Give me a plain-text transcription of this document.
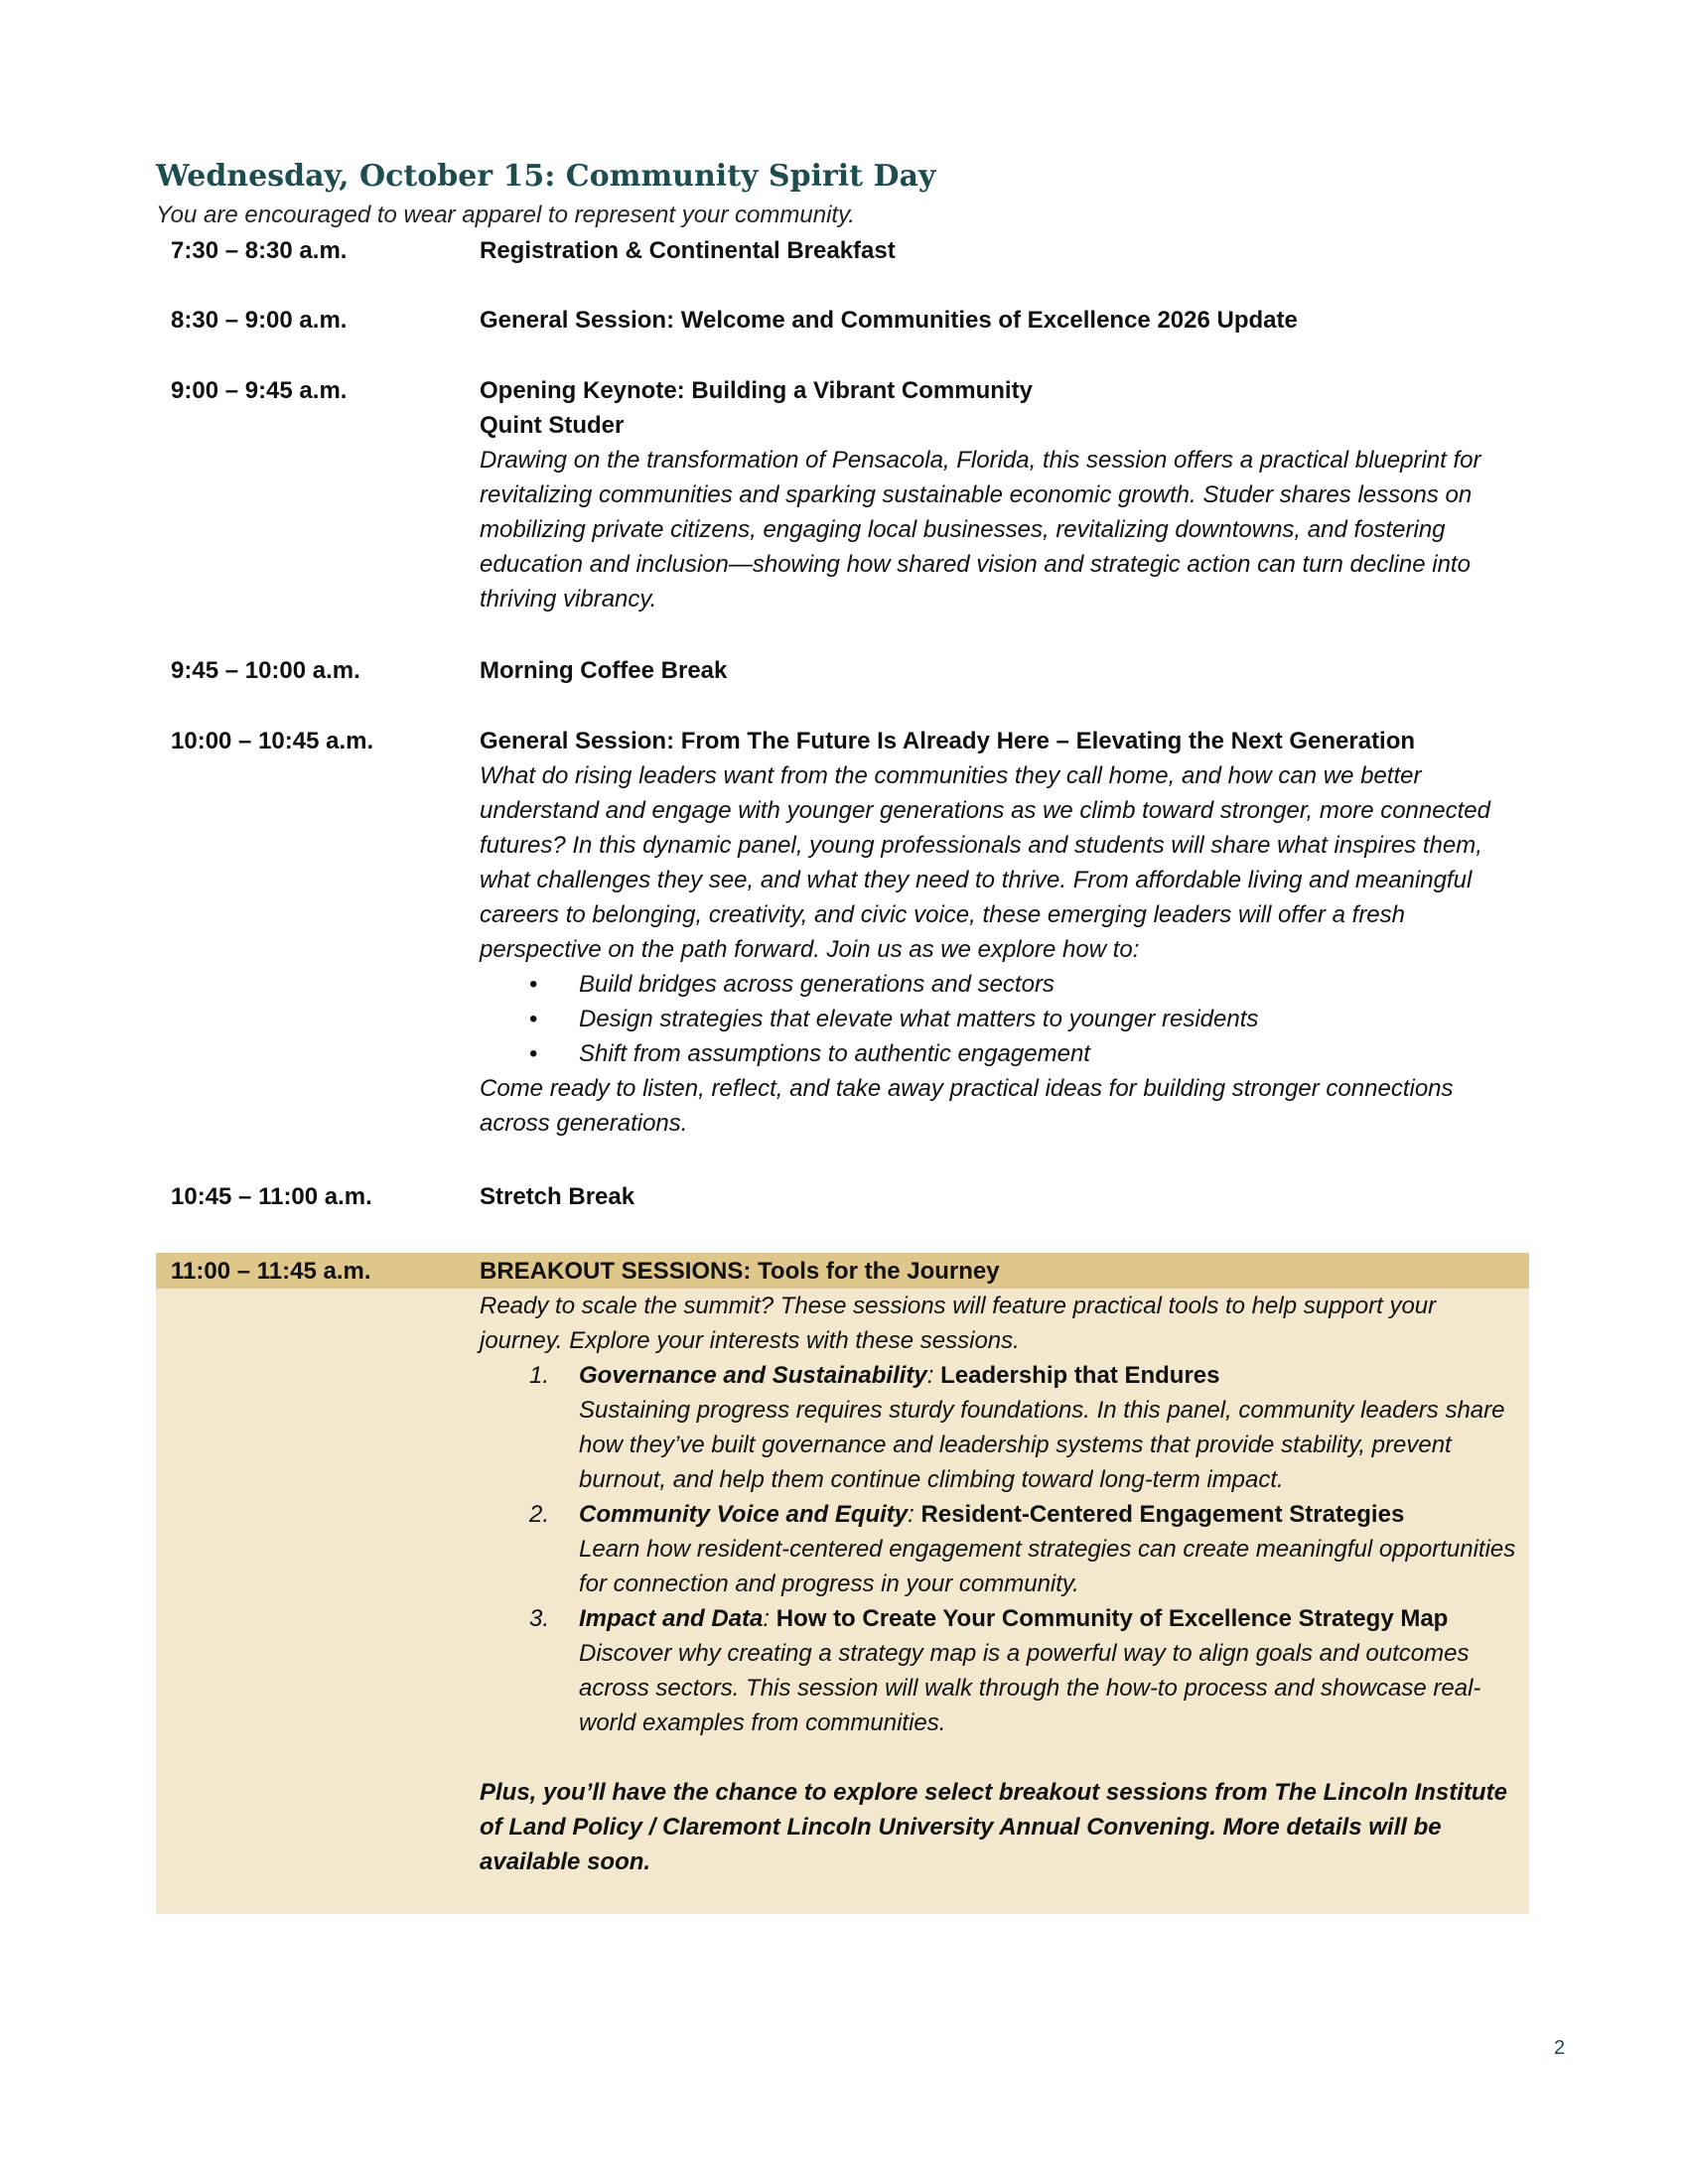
Wednesday, October 15: Community Spirit Day
You are encouraged to wear apparel to represent your community.
7:30 – 8:30 a.m.	Registration & Continental Breakfast
8:30 – 9:00 a.m.	General Session: Welcome and Communities of Excellence 2026 Update
9:00 – 9:45 a.m.	Opening Keynote: Building a Vibrant Community
Quint Studer
Drawing on the transformation of Pensacola, Florida, this session offers a practical blueprint for revitalizing communities and sparking sustainable economic growth. Studer shares lessons on mobilizing private citizens, engaging local businesses, revitalizing downtowns, and fostering education and inclusion—showing how shared vision and strategic action can turn decline into thriving vibrancy.
9:45 – 10:00 a.m.	Morning Coffee Break
10:00 – 10:45 a.m.	General Session: From The Future Is Already Here – Elevating the Next Generation
What do rising leaders want from the communities they call home, and how can we better understand and engage with younger generations as we climb toward stronger, more connected futures? In this dynamic panel, young professionals and students will share what inspires them, what challenges they see, and what they need to thrive. From affordable living and meaningful careers to belonging, creativity, and civic voice, these emerging leaders will offer a fresh perspective on the path forward. Join us as we explore how to:
• Build bridges across generations and sectors
• Design strategies that elevate what matters to younger residents
• Shift from assumptions to authentic engagement
Come ready to listen, reflect, and take away practical ideas for building stronger connections across generations.
10:45 – 11:00 a.m.	Stretch Break
11:00 – 11:45 a.m.	BREAKOUT SESSIONS: Tools for the Journey
Ready to scale the summit? These sessions will feature practical tools to help support your journey. Explore your interests with these sessions.
1. Governance and Sustainability: Leadership that Endures
Sustaining progress requires sturdy foundations. In this panel, community leaders share how they’ve built governance and leadership systems that provide stability, prevent burnout, and help them continue climbing toward long-term impact.
2. Community Voice and Equity: Resident-Centered Engagement Strategies
Learn how resident-centered engagement strategies can create meaningful opportunities for connection and progress in your community.
3. Impact and Data: How to Create Your Community of Excellence Strategy Map
Discover why creating a strategy map is a powerful way to align goals and outcomes across sectors. This session will walk through the how-to process and showcase real-world examples from communities.
Plus, you’ll have the chance to explore select breakout sessions from The Lincoln Institute of Land Policy / Claremont Lincoln University Annual Convening. More details will be available soon.
2
